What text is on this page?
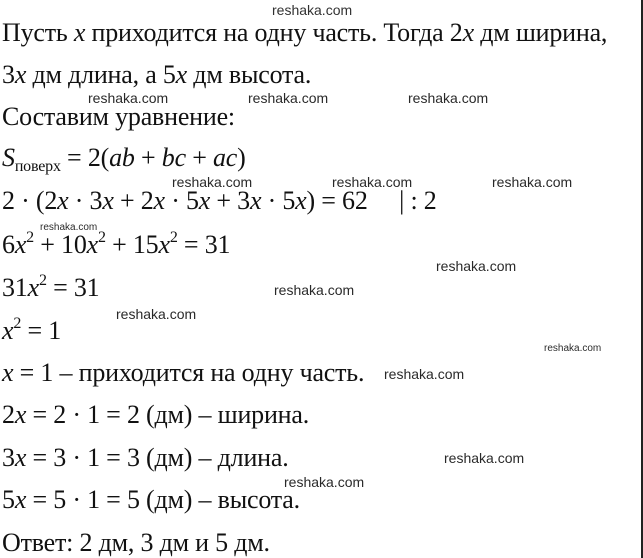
reshaka.com
Пусть x приходится на одну часть. Тогда 2x дм ширина,
3x дм длина, а 5x дм высота.
reshaka.com	reshaka.com	reshaka.com
Составим уравнение:
$S_{поверх} = 2(ab$ + bc + ac)
reshaka.com	reshaka.com	reshaka.com
2 · (2x · 3x + 2x · 5x + 3x · 5x) = 62     | : 2
reshaka.com
$6x^2 + 10x^2 + 15x^2 = 31$
reshaka.com
$31x^2 = 31$	reshaka.com
reshaka.com
$x^2 = 1$
reshaka.com
x = 1 – приходится на одну часть. reshaka.com
2x = 2 · 1 = 2 (дм) – ширина.
3x = 3 · 1 = 3 (дм) – длина.	reshaka.com
reshaka.com
5x = 5 · 1 = 5 (дм) – высота.
Ответ: 2 дм, 3 дм и 5 дм.
